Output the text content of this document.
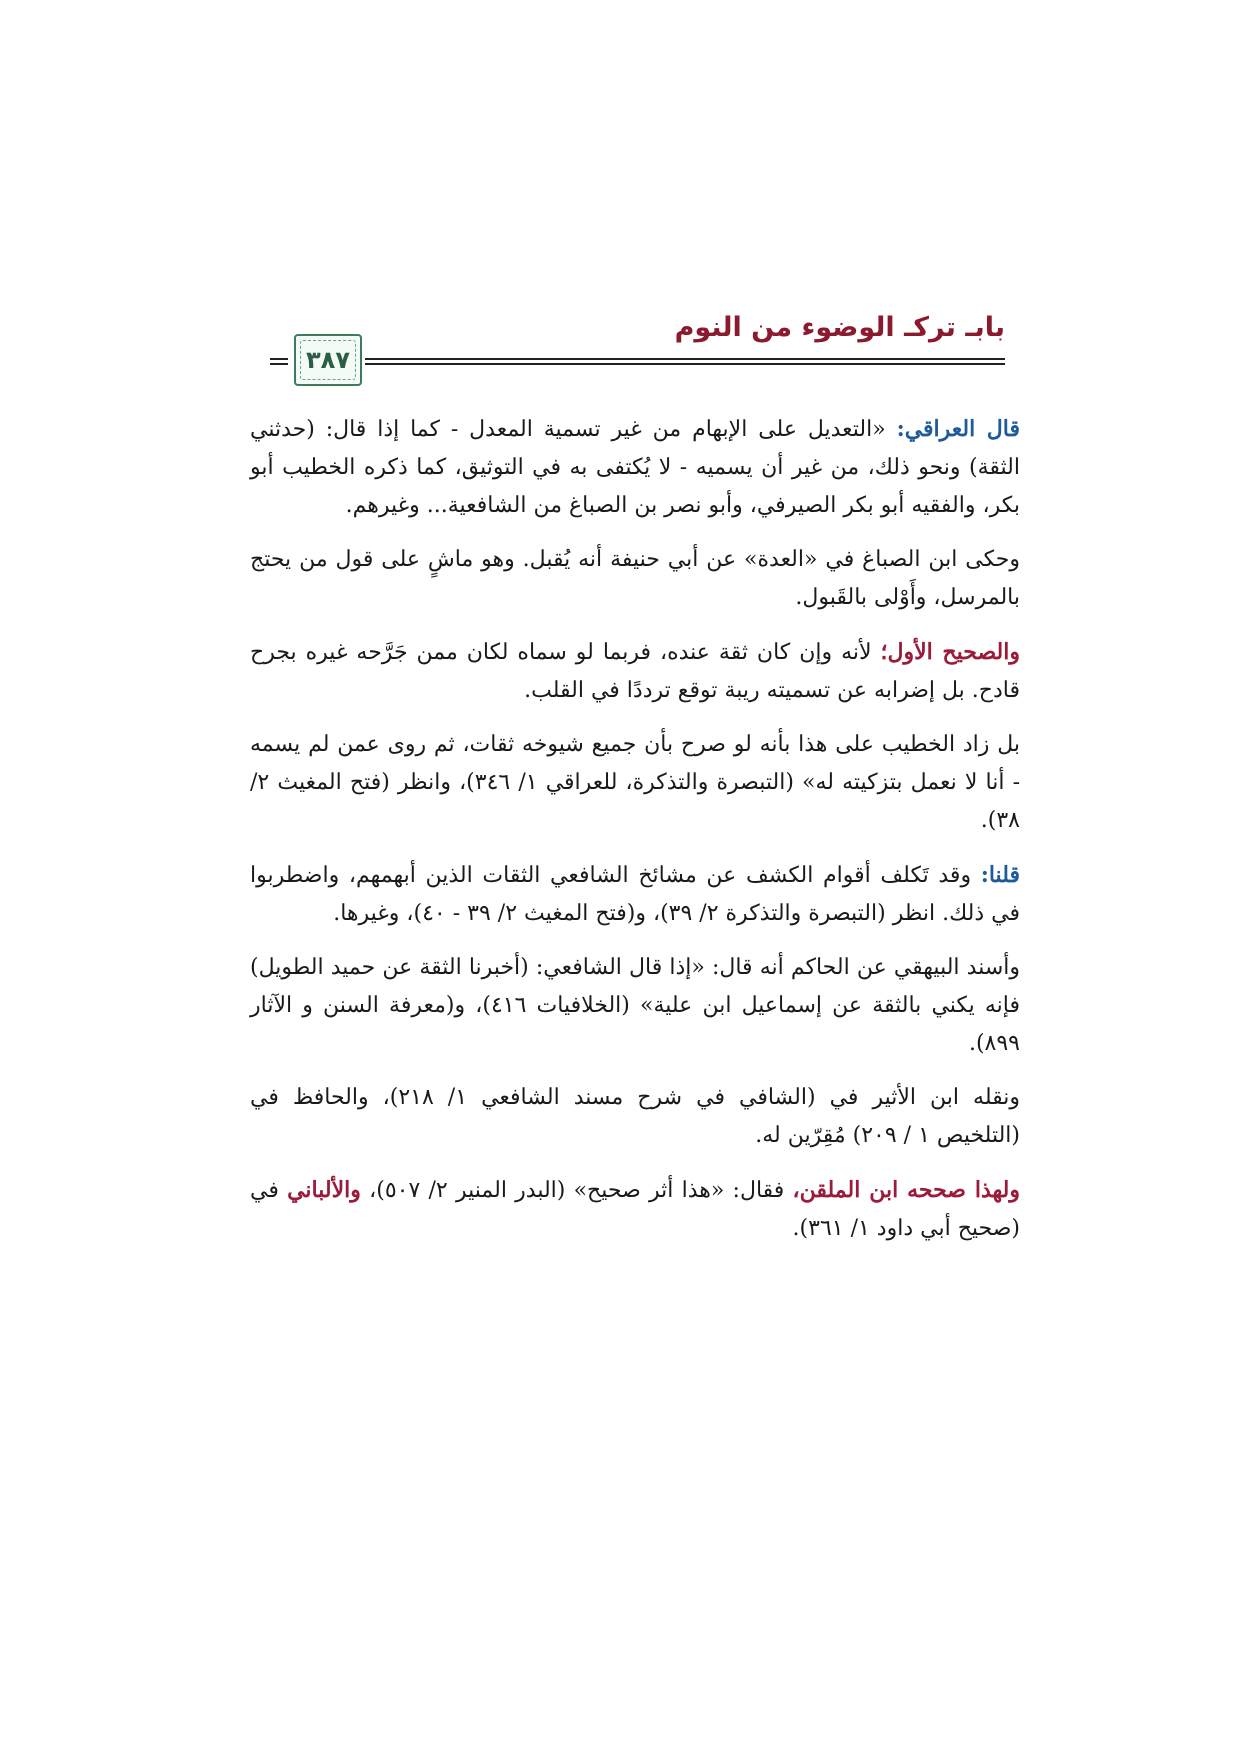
بابـ تركـ الوضوء من النوم
٣٨٧

قال العراقي: «التعديل على الإبهام من غير تسمية المعدل - كما إذا قال: (حدثني الثقة) ونحو ذلك، من غير أن يسميه - لا يُكتفى به في التوثيق، كما ذكره الخطيب أبو بكر، والفقيه أبو بكر الصيرفي، وأبو نصر بن الصباغ من الشافعية... وغيرهم.

وحكى ابن الصباغ في «العدة» عن أبي حنيفة أنه يُقبل. وهو ماشٍ على قول من يحتج بالمرسل، وأَوْلى بالقَبول.

والصحيح الأول؛ لأنه وإن كان ثقة عنده، فربما لو سماه لكان ممن جَرَّحه غيره بجرح قادح. بل إضرابه عن تسميته ريبة توقع ترددًا في القلب.

بل زاد الخطيب على هذا بأنه لو صرح بأن جميع شيوخه ثقات، ثم روى عمن لم يسمه - أنا لا نعمل بتزكيته له» (التبصرة والتذكرة، للعراقي ١/ ٣٤٦)، وانظر (فتح المغيث ٢/ ٣٨).

قلنا: وقد تَكلف أقوام الكشف عن مشائخ الشافعي الثقات الذين أبهمهم، واضطربوا في ذلك. انظر (التبصرة والتذكرة ٢/ ٣٩)، و(فتح المغيث ٢/ ٣٩ - ٤٠)، وغيرها.

وأسند البيهقي عن الحاكم أنه قال: «إذا قال الشافعي: (أخبرنا الثقة عن حميد الطويل) فإنه يكني بالثقة عن إسماعيل ابن علية» (الخلافيات ٤١٦)، و(معرفة السنن و الآثار ٨٩٩).

ونقله ابن الأثير في (الشافي في شرح مسند الشافعي ١/ ٢١٨)، والحافظ في (التلخيص ١ / ٢٠٩) مُقِرّين له.

ولهذا صححه ابن الملقن، فقال: «هذا أثر صحيح» (البدر المنير ٢/ ٥٠٧)، والألباني في (صحيح أبي داود ١/ ٣٦١).
